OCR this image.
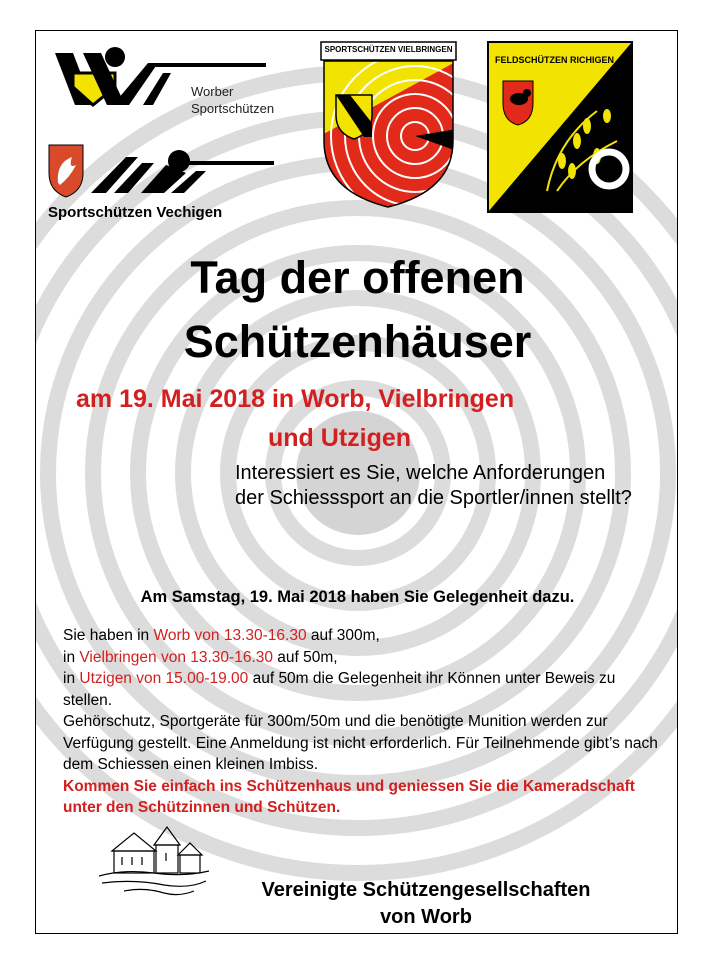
Worber
Sportschützen
Sportschützen Vechigen
SPORTSCHÜTZEN VIELBRINGEN
FELDSCHÜTZEN RICHIGEN
Tag der offenen
Schützenhäuser
am 19. Mai 2018 in Worb, Vielbringen
und Utzigen
Interessiert es Sie, welche Anforderungen der Schiesssport an die Sportler/innen stellt?
Am Samstag, 19. Mai 2018 haben Sie Gelegenheit dazu.
Sie haben in Worb von 13.30-16.30 auf 300m,
in Vielbringen von 13.30-16.30 auf 50m,
in Utzigen von 15.00-19.00 auf 50m die Gelegenheit ihr Können unter Beweis zu stellen.
Gehörschutz, Sportgeräte für 300m/50m und die benötigte Munition werden zur Verfügung gestellt. Eine Anmeldung ist nicht erforderlich. Für Teilnehmende gibt’s nach dem Schiessen einen kleinen Imbiss.
Kommen Sie einfach ins Schützenhaus und geniessen Sie die Kameradschaft unter den Schützinnen und Schützen.
Vereinigte Schützengesellschaften
von Worb
